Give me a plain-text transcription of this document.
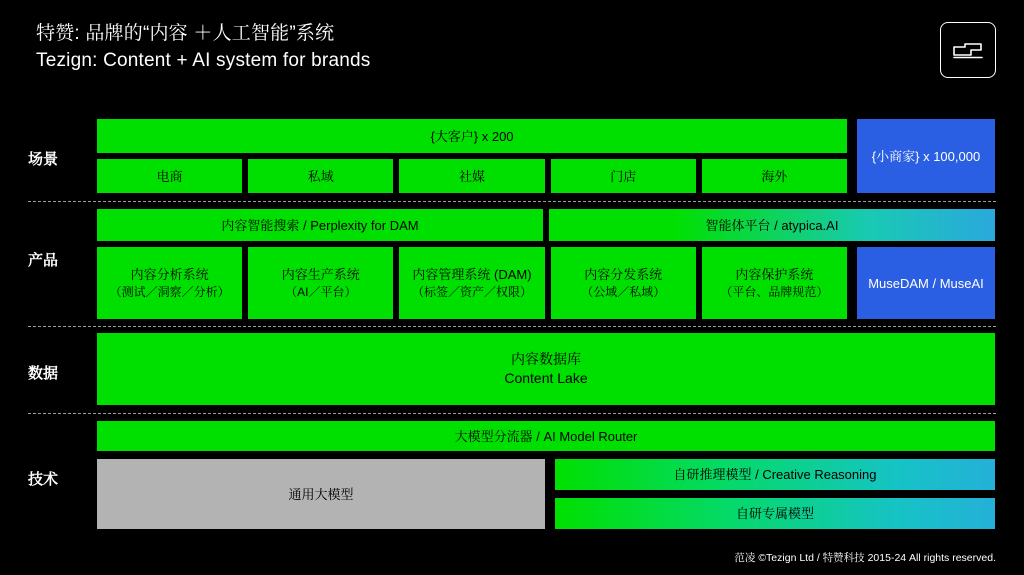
特赞: 品牌的“内容 ＋人工智能”系统
Tezign: Content + AI system for brands
场景
{大客户} x 200
电商	私域	社媒	门店	海外
{小商家} x 100,000
产品
内容智能搜索 / Perplexity for DAM	智能体平台 / atypica.AI
内容分析系统
（测试／洞察／分析）
内容生产系统
（AI／平台）
内容管理系统 (DAM)
（标签／资产／权限）
内容分发系统
（公域／私域）
内容保护系统
（平台、品牌规范）
MuseDAM / MuseAI
数据
内容数据库
Content Lake
技术
大模型分流器 / AI Model Router
通用大模型
自研推理模型 / Creative Reasoning
自研专属模型
范凌 ©Tezign Ltd / 特赞科技 2015-24 All rights reserved.
